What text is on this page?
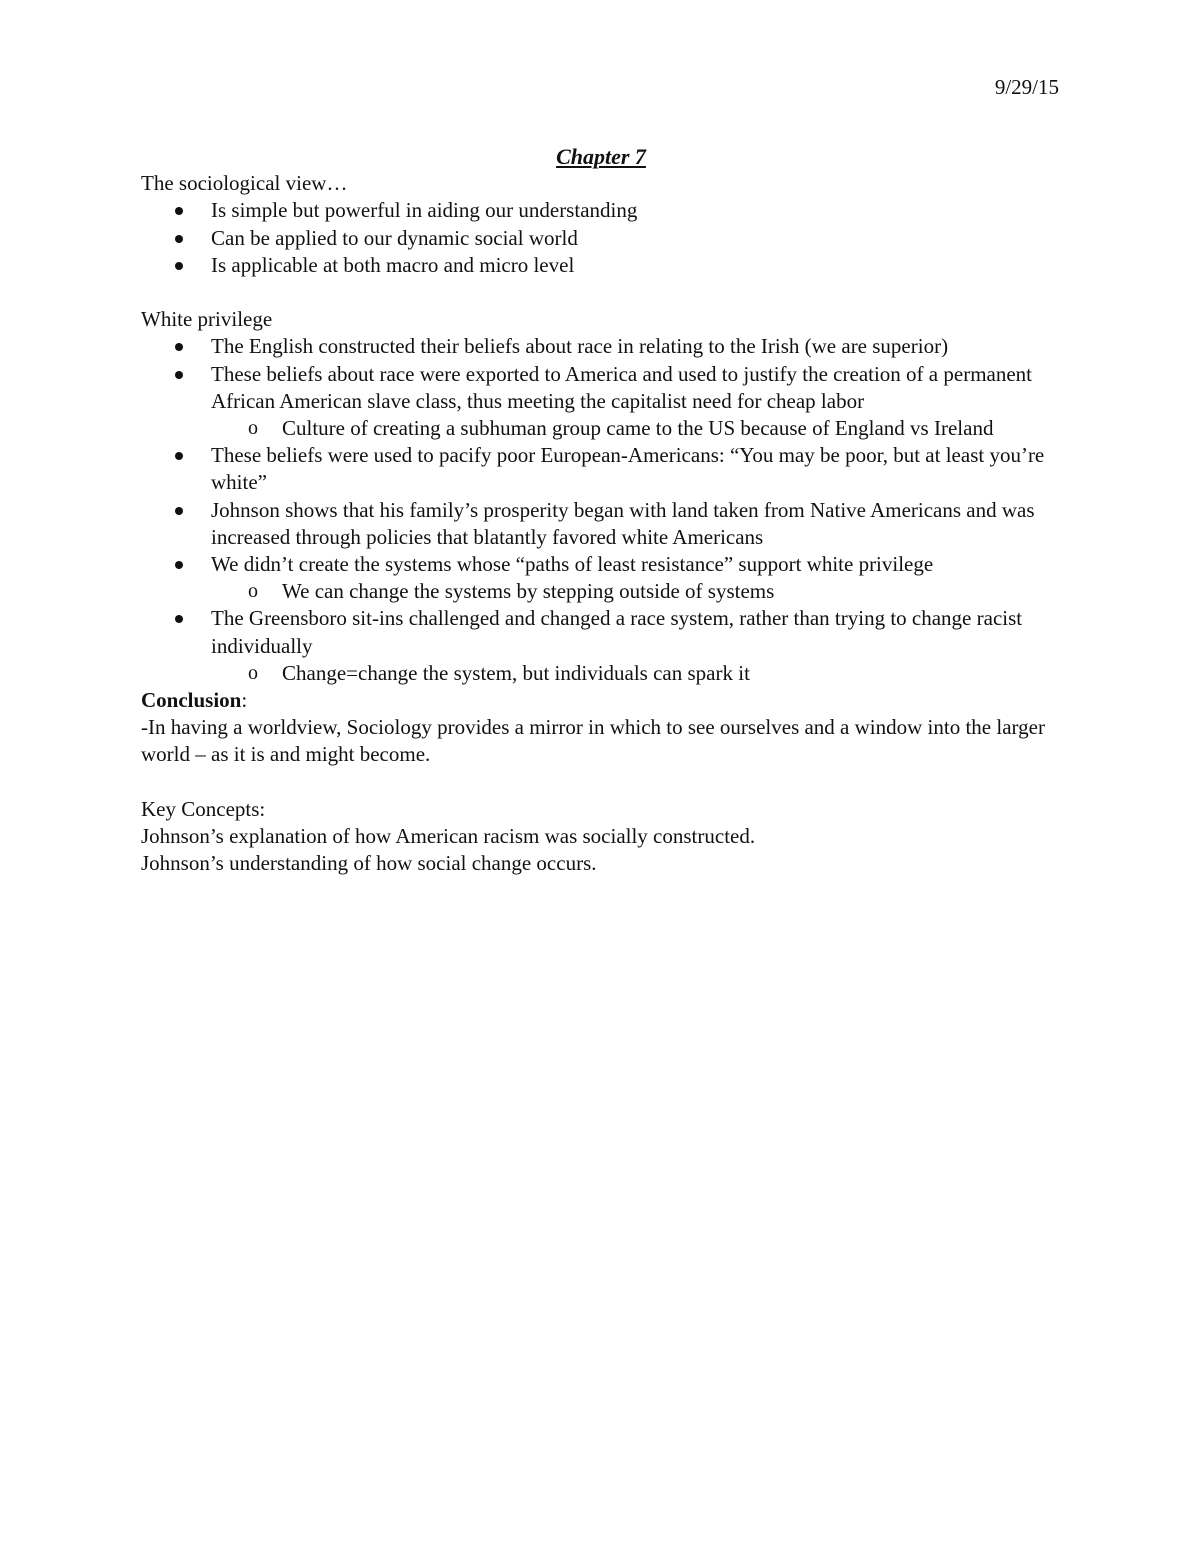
9/29/15
Chapter 7

The sociological view…

Is simple but powerful in aiding our understanding
Can be applied to our dynamic social world
Is applicable at both macro and micro level

White privilege

The English constructed their beliefs about race in relating to the Irish (we are superior)
These beliefs about race were exported to America and used to justify the creation of a permanent African American slave class, thus meeting the capitalist need for cheap labor
o Culture of creating a subhuman group came to the US because of England vs Ireland
These beliefs were used to pacify poor European-Americans: “You may be poor, but at least you’re white”
Johnson shows that his family’s prosperity began with land taken from Native Americans and was increased through policies that blatantly favored white Americans
We didn’t create the systems whose “paths of least resistance” support white privilege
o We can change the systems by stepping outside of systems
The Greensboro sit-ins challenged and changed a race system, rather than trying to change racist individually
o Change=change the system, but individuals can spark it

Conclusion:

-In having a worldview, Sociology provides a mirror in which to see ourselves and a window into the larger world – as it is and might become.

Key Concepts:

Johnson’s explanation of how American racism was socially constructed.

Johnson’s understanding of how social change occurs.
